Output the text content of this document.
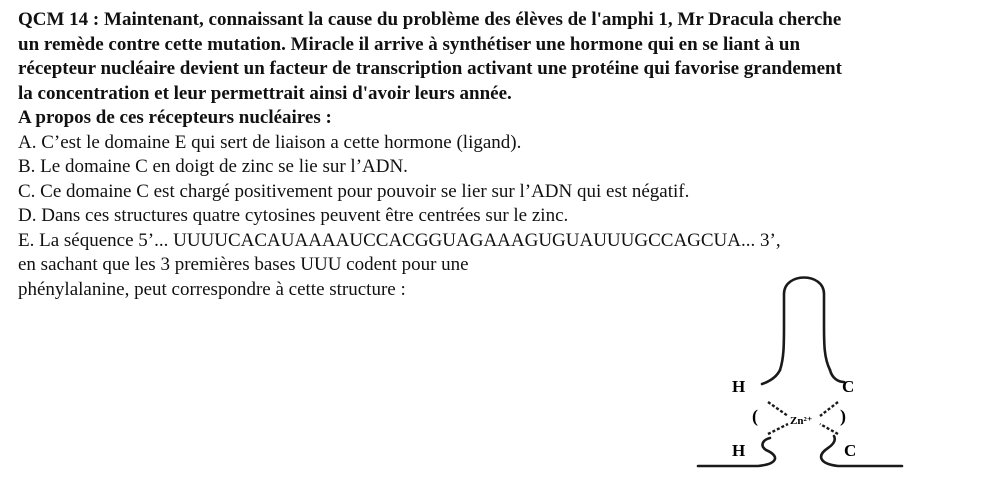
QCM 14 : Maintenant, connaissant la cause du problème des élèves de l'amphi 1, Mr Dracula cherche
un remède contre cette mutation. Miracle il arrive à synthétiser une hormone qui en se liant à un
récepteur nucléaire devient un facteur de transcription activant une protéine qui favorise grandement
la concentration et leur permettrait ainsi d'avoir leurs année.
A propos de ces récepteurs nucléaires :
A. C’est le domaine E qui sert de liaison a cette hormone (ligand).
B. Le domaine C en doigt de zinc se lie sur l’ADN.
C. Ce domaine C est chargé positivement pour pouvoir se lier sur l’ADN qui est négatif.
D. Dans ces structures quatre cytosines peuvent être centrées sur le zinc.
E. La séquence 5’... UUUUCACAUAAAAUCCACGGUAGAAAGUGUAUUUGCCAGCUA... 3’,
en sachant que les 3 premières bases UUU codent pour une
phénylalanine, peut correspondre à cette structure :
H	C
H	C
(	)
Zn²⁺
